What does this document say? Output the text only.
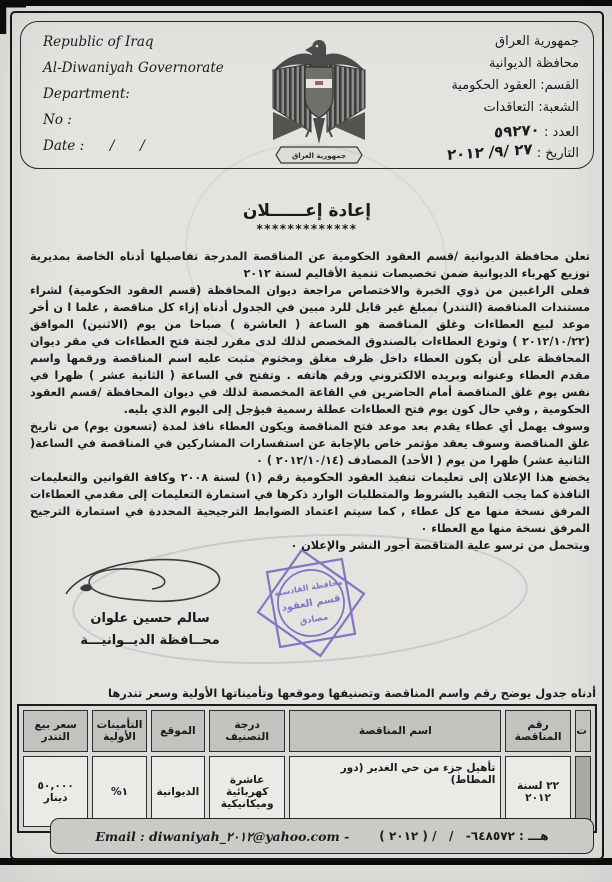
Republic of Iraq

Al-Diwaniyah Governorate

Department:

No :

Date :      /      /

جمهورية العراق

جمهورية العراق

محافظة الديوانية

القسم: العقود الحكومية

الشعبة: التعاقدات

العدد : ٥٩٢٧٠

التاريخ : ٢٧ /٩/ ٢٠١٢

إعادة إعــــــلان
*************

تعلن محافظة الديوانية /قسم العقود الحكومية عن المناقصة المدرجة تفاصيلها أدناه الخاصة بمديرية توزيع كهرباء الديوانية ضمن تخصيصات تنمية الأقاليم لسنة ٢٠١٢

فعلى الراغبين من ذوي الخبرة والاختصاص مراجعة ديوان المحافظة (قسم العقود الحكومية) لشراء مستندات المناقصة (التندر) بمبلغ غير قابل للرد مبين في الجدول أدناه إزاء كل مناقصة , علما ا ن أخر موعد لبيع العطاءات وغلق المناقصة هو الساعة ( العاشرة ) صباحا من يوم (الاثنين) الموافق (٢٠١٢/١٠/٢٢ ) وتودع العطاءات بالصندوق المخصص لذلك لدى مقرر لجنة فتح العطاءات في مقر ديوان المحافظة على أن يكون العطاء داخل ظرف مغلق ومختوم مثبت عليه اسم المناقصة ورقمها واسم مقدم العطاء وعنوانه وبريده الالكتروني ورقم هاتفه . وتفتح في الساعة ( الثانية عشر ) ظهرا في نفس يوم غلق المناقصة أمام الحاضرين في القاعة المخصصة لذلك في ديوان المحافظة /قسم العقود الحكومية , وفي حال كون يوم فتح العطاءات عطلة رسمية فيؤجل إلى اليوم الذي يليه.

وسوف يهمل أي عطاء يقدم بعد موعد فتح المناقصة ويكون العطاء نافذ لمدة (تسعون يوم) من تاريخ غلق المناقصة وسوف يعقد مؤتمر خاص بالإجابة عن استفسارات المشاركين في المناقصة في الساعة( الثانية عشر) ظهرا من يوم ( الأحد) المصادف (٢٠١٢/١٠/١٤ ) ٠

يخضع هذا الإعلان إلى تعليمات تنفيذ العقود الحكومية رقم (١) لسنة ٢٠٠٨ وكافة القوانين والتعليمات النافذة كما يجب التقيد بالشروط والمتطلبات الوارد ذكرها في استمارة التعليمات إلى مقدمي العطاءات المرفق نسخة منها مع كل عطاء , كما سيتم اعتماد الضوابط الترجيحية المحددة في استمارة الترجيح المرفق نسخة منها مع العطاء ٠

ويتحمل من ترسو علية المناقصة أجور النشر والإعلان ٠

سالم حسين علوان
محــافظة الديــوانيـــة
محافظة القادسية
قسم العقود
مصادق
أدناه جدول يوضح رقم واسم المناقصة وتصنيفها وموقعها وتأميناتها الأولية وسعر تندرها
ت	رقم المناقصة	اسم المناقصة	درجة التصنيف	الموقع	التأمينات الأولية	سعر بيع التندر
	٢٢ لسنة ٢٠١٢	تأهيل جزء من حي الغدير (دور المطاط)	عاشرة كهربائية وميكانيكية	الديوانية	١%	٥٠,٠٠٠ دينار
Email : diwaniyah_٢٠١٢@yahoo.com -	هـــ : ٦٤٨٥٧٢-   /   / ( ٢٠١٢ )
